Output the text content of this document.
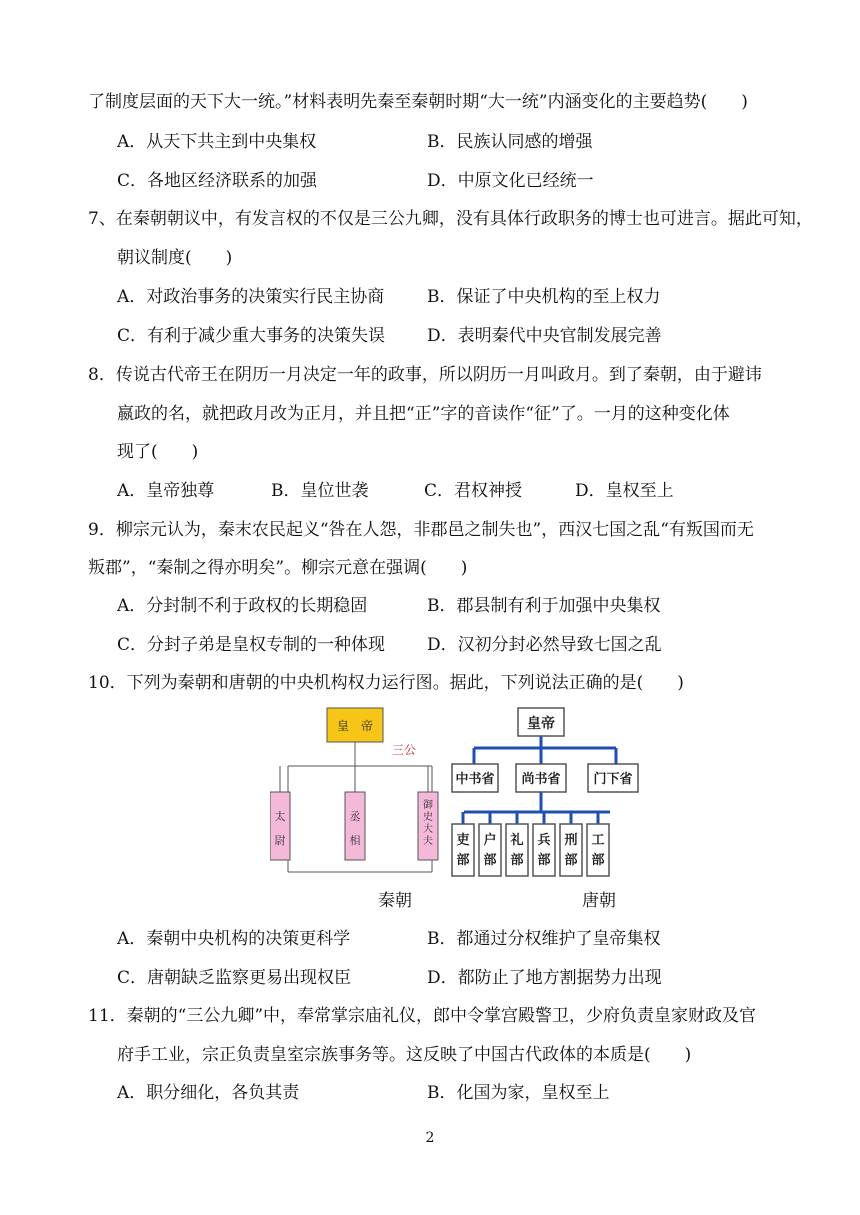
了制度层面的天下大一统。”材料表明先秦至秦朝时期“大一统”内涵变化的主要趋势(　　)
A．从天下共主到中央集权	B．民族认同感的增强
C．各地区经济联系的加强	D．中原文化已经统一
7、在秦朝朝议中，有发言权的不仅是三公九卿，没有具体行政职务的博士也可进言。据此可知，
朝议制度(　　)
A．对政治事务的决策实行民主协商	B．保证了中央机构的至上权力
C．有利于减少重大事务的决策失误 D．表明秦代中央官制发展完善
8．传说古代帝王在阴历一月决定一年的政事，所以阴历一月叫政月。到了秦朝，由于避讳
嬴政的名，就把政月改为正月，并且把“正”字的音读作“征”了。一月的这种变化体
现了(　　)
A．皇帝独尊	B．皇位世袭	C．君权神授	D．皇权至上
9．柳宗元认为，秦末农民起义“咎在人怨，非郡邑之制失也”，西汉七国之乱“有叛国而无
叛郡”，“秦制之得亦明矣”。柳宗元意在强调(　　)
A．分封制不利于政权的长期稳固	B．郡县制有利于加强中央集权
C．分封子弟是皇权专制的一种体现 D．汉初分封必然导致七国之乱
10．下列为秦朝和唐朝的中央机构权力运行图。据此，下列说法正确的是(　　)
皇　帝
三公
太尉
丞相
御史大夫
秦朝
皇帝
中书省 尚书省	门下省
吏部
户部
礼部
兵部
刑部
工部
唐朝
A．秦朝中央机构的决策更科学	B．都通过分权维护了皇帝集权
C．唐朝缺乏监察更易出现权臣	D．都防止了地方割据势力出现
11．秦朝的“三公九卿”中，奉常掌宗庙礼仪，郎中令掌宫殿警卫，少府负责皇家财政及官
府手工业，宗正负责皇室宗族事务等。这反映了中国古代政体的本质是(　　)
A．职分细化，各负其责	B．化国为家，皇权至上
2
